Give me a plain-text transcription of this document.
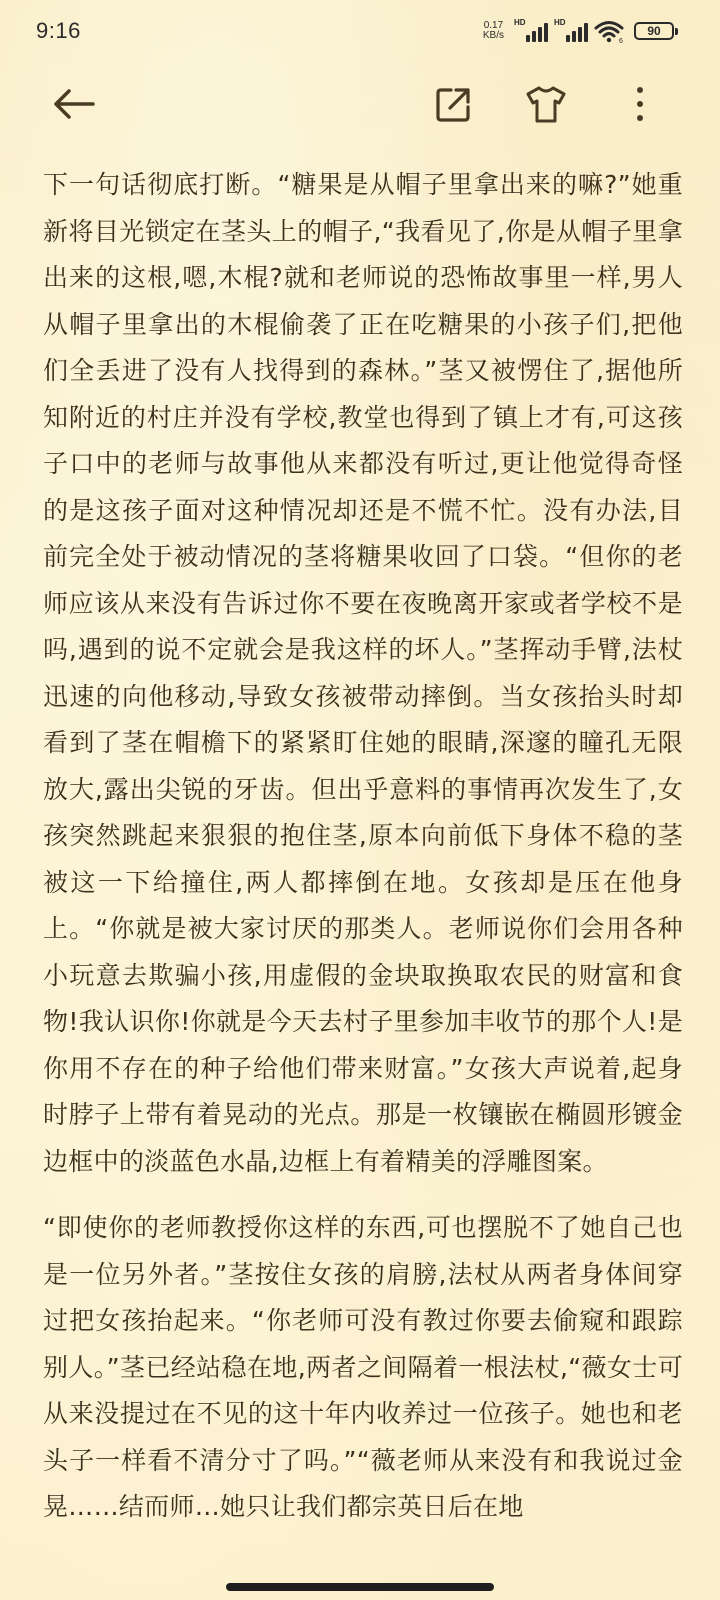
9:16	0.17
KB/s
HD	HD
6
90

下一句话彻底打断。“糖果是从帽子里拿出来的嘛?”她重新将目光锁定在茎头上的帽子,“我看见了,你是从帽子里拿出来的这根,嗯,木棍?就和老师说的恐怖故事里一样,男人从帽子里拿出的木棍偷袭了正在吃糖果的小孩子们,把他们全丢进了没有人找得到的森林。”茎又被愣住了,据他所知附近的村庄并没有学校,教堂也得到了镇上才有,可这孩子口中的老师与故事他从来都没有听过,更让他觉得奇怪的是这孩子面对这种情况却还是不慌不忙。没有办法,目前完全处于被动情况的茎将糖果收回了口袋。“但你的老师应该从来没有告诉过你不要在夜晚离开家或者学校不是吗,遇到的说不定就会是我这样的坏人。”茎挥动手臂,法杖迅速的向他移动,导致女孩被带动摔倒。当女孩抬头时却看到了茎在帽檐下的紧紧盯住她的眼睛,深邃的瞳孔无限放大,露出尖锐的牙齿。但出乎意料的事情再次发生了,女孩突然跳起来狠狠的抱住茎,原本向前低下身体不稳的茎被这一下给撞住,两人都摔倒在地。女孩却是压在他身上。“你就是被大家讨厌的那类人。老师说你们会用各种小玩意去欺骗小孩,用虚假的金块取换取农民的财富和食物!我认识你!你就是今天去村子里参加丰收节的那个人!是你用不存在的种子给他们带来财富。”女孩大声说着,起身时脖子上带有着晃动的光点。那是一枚镶嵌在椭圆形镀金边框中的淡蓝色水晶,边框上有着精美的浮雕图案。

“即使你的老师教授你这样的东西,可也摆脱不了她自己也是一位另外者。”茎按住女孩的肩膀,法杖从两者身体间穿过把女孩抬起来。“你老师可没有教过你要去偷窥和跟踪别人。”茎已经站稳在地,两者之间隔着一根法杖,“薇女士可从来没提过在不见的这十年内收养过一位孩子。她也和老头子一样看不清分寸了吗。”“薇老师从来没有和我说过金晃……结而师…她只让我们都宗英日后在地
